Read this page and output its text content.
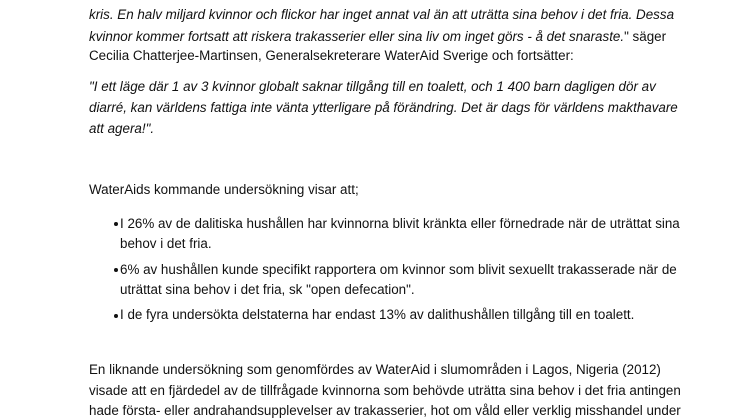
kris. En halv miljard kvinnor och flickor har inget annat val än att uträtta sina behov i det fria. Dessa
kvinnor kommer fortsatt att riskera trakasserier eller sina liv om inget görs - å det snaraste." säger
Cecilia Chatterjee-Martinsen, Generalsekreterare WaterAid Sverige och fortsätter:
"I ett läge där 1 av 3 kvinnor globalt saknar tillgång till en toalett, och 1 400 barn dagligen dör av
diarré, kan världens fattiga inte vänta ytterligare på förändring. Det är dags för världens makthavare
att agera!".
WaterAids kommande undersökning visar att;
I 26% av de dalitiska hushållen har kvinnorna blivit kränkta eller förnedrade när de uträttat sina
behov i det fria.
6% av hushållen kunde specifikt rapportera om kvinnor som blivit sexuellt trakasserade när de
uträttat sina behov i det fria, sk "open defecation".
I de fyra undersökta delstaterna har endast 13% av dalithushållen tillgång till en toalett.
En liknande undersökning som genomfördes av WaterAid i slumområden i Lagos, Nigeria (2012)
visade att en fjärdedel av de tillfrågade kvinnorna som behövde uträtta sina behov i det fria antingen
hade första- eller andrahandsupplevelser av trakasserier, hot om våld eller verklig misshandel under
